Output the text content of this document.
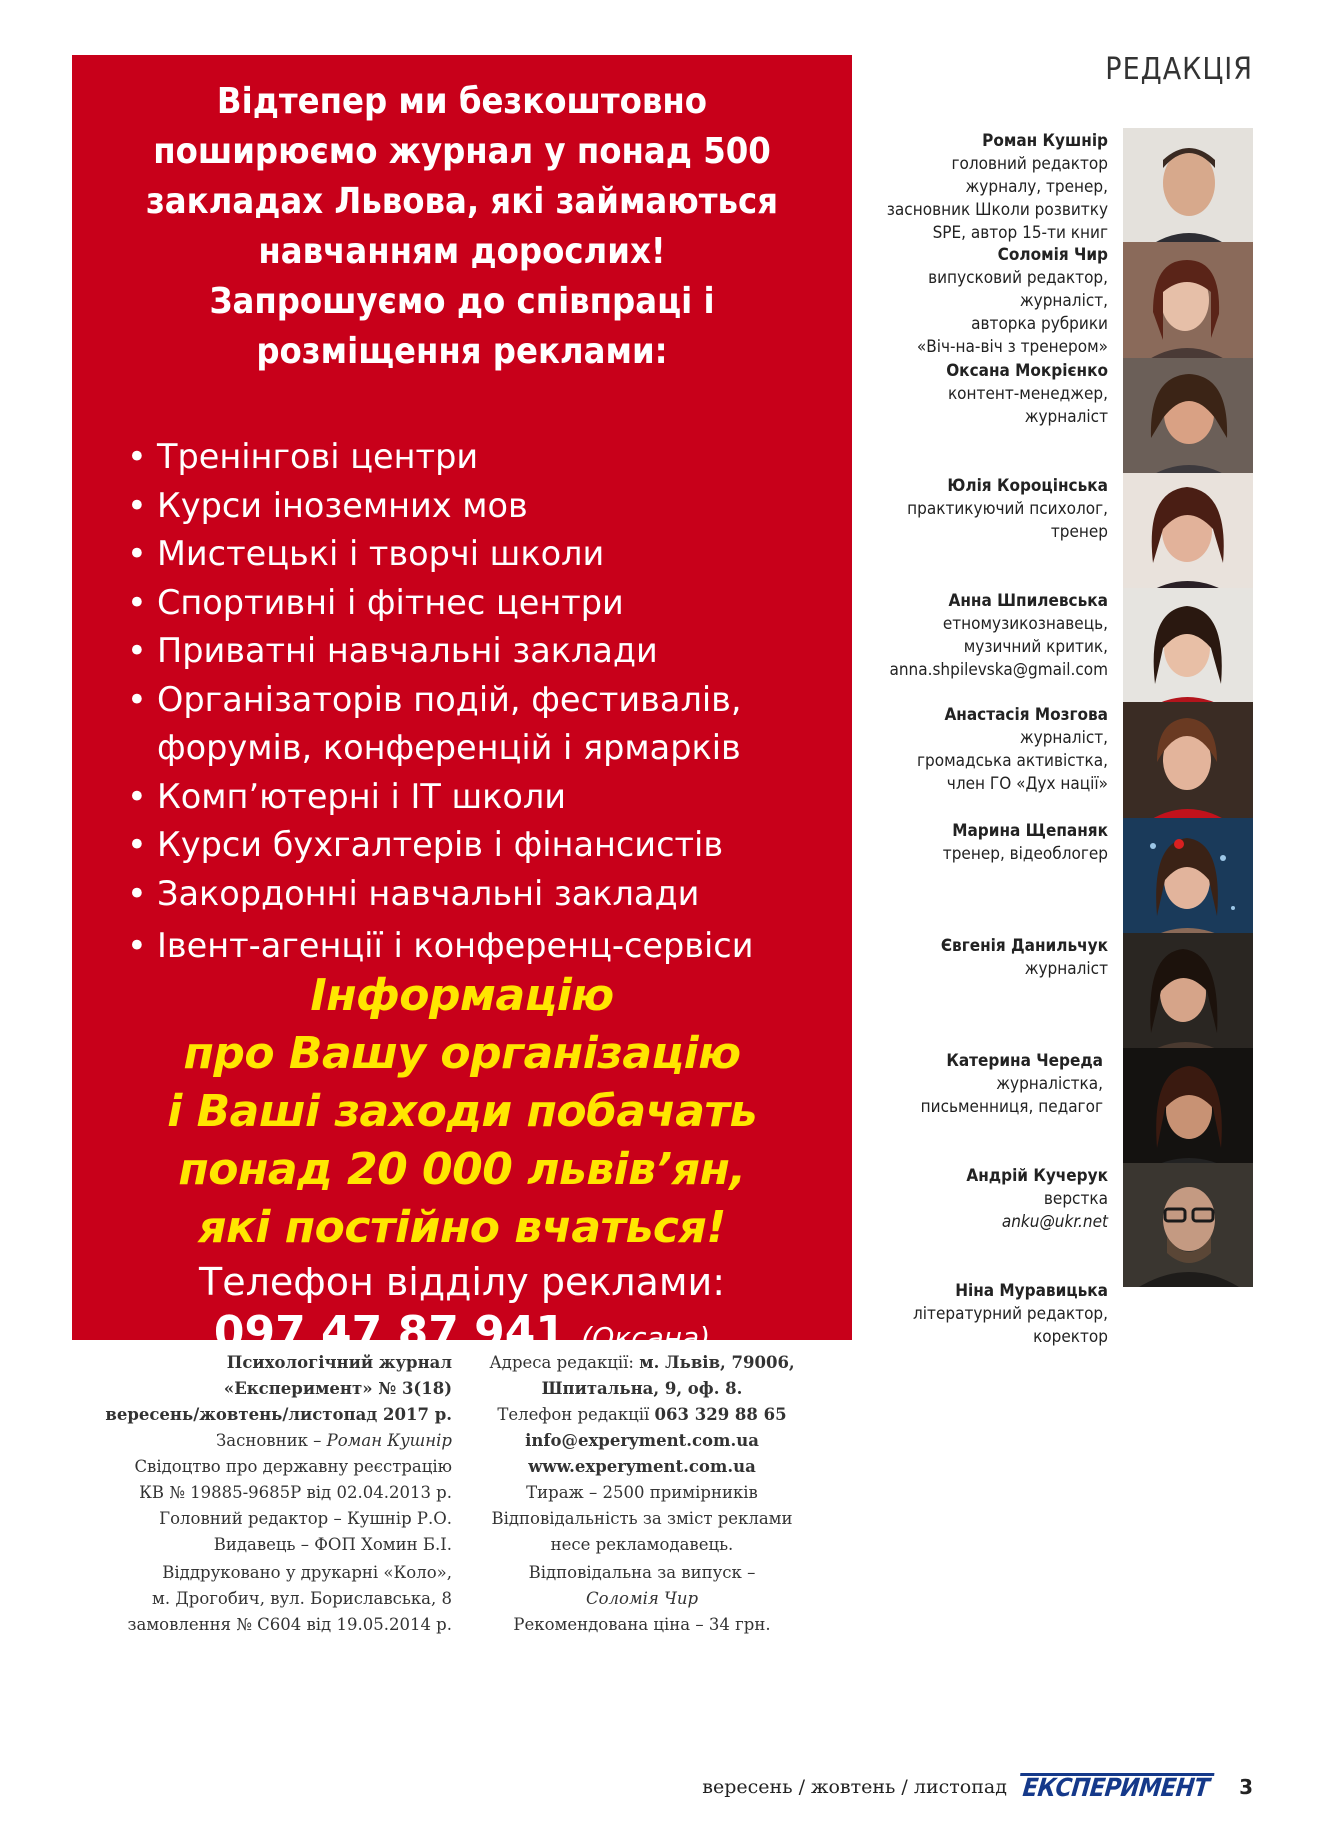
РЕДАКЦІЯ
Відтепер ми безкоштовно поширюємо журнал у понад 500 закладах Львова, які займаються навчанням дорослих!
Запрошуємо до співпраці і розміщення реклами:
• Тренінгові центри
• Курси іноземних мов
• Мистецькі і творчі школи
• Спортивні і фітнес центри
• Приватні навчальні заклади
• Організаторів подій, фестивалів,
форумів, конференцій і ярмарків
• Комп’ютерні і ІТ школи
• Курси бухгалтерів і фінансистів
• Закордонні навчальні заклади
• Івент-агенції і конференц-сервіси
Інформацію
про Вашу організацію
і Ваші заходи побачать
понад 20 000 львів’ян,
які постійно вчаться!
Телефон відділу реклами:
097 47 87 941 (Оксана)
Роман Кушнір
головний редактор
журналу, тренер,
засновник Школи розвитку
SPE, автор 15-ти книг
Соломія Чир
випусковий редактор,
журналіст,
авторка рубрики
«Віч-на-віч з тренером»
Оксана Мокрієнко
контент-менеджер,
журналіст
Юлія Короцінська
практикуючий психолог,
тренер
Анна Шпилевська
етномузикознавець,
музичний критик,
anna.shpilevska@gmail.com
Анастасія Мозгова
журналіст,
громадська активістка,
член ГО «Дух нації»
Марина Щепаняк
тренер, відеоблогер
Євгенія Данильчук
журналіст
Катерина Череда
журналістка,
письменниця, педагог
Андрій Кучерук
верстка
anku@ukr.net
Ніна Муравицька
літературний редактор,
коректор
Психологічний журнал
«Експеримент» № 3(18)
вересень/жовтень/листопад 2017 р.
Засновник – Роман Кушнір
Свідоцтво про державну реєстрацію
КВ № 19885-9685Р від 02.04.2013 р.
Головний редактор – Кушнір Р.О.
Видавець – ФОП Хомин Б.І.
Адреса редакції: м. Львів, 79006,
Шпитальна, 9, оф. 8.
Телефон редакції 063 329 88 65
info@experyment.com.ua
www.experyment.com.ua
Тираж – 2500 примірників
Відповідальність за зміст реклами
несе рекламодавець.
Віддруковано у друкарні «Коло»,
м. Дрогобич, вул. Бориславська, 8
замовлення № С604 від 19.05.2014 р.
Відповідальна за випуск –
Соломія Чир
Рекомендована ціна – 34 грн.
вересень / жовтень / листопад ЕКСПЕРИМЕНТ 3
